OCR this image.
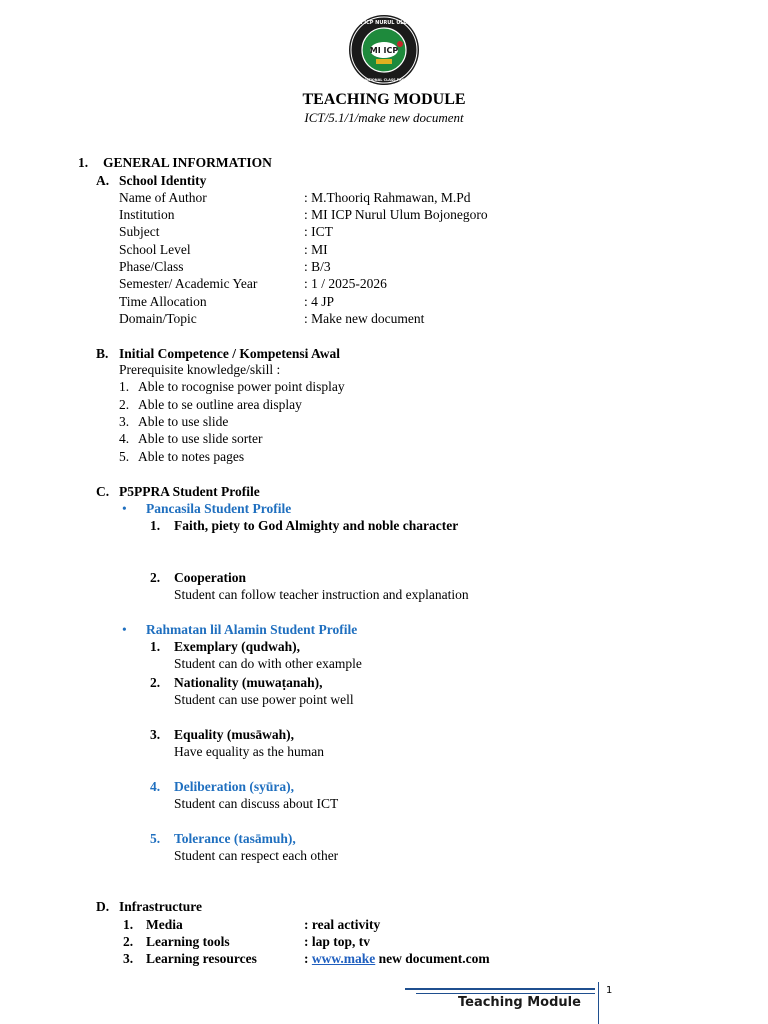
MI ICP
MI ICP NURUL ULUM
INTERNATIONAL CLASS PROGRAM
TEACHING MODULE
ICT/5.1/1/make new document
1. GENERAL INFORMATION
A. School Identity
Name of Author	: M.Thooriq Rahmawan, M.Pd
Institution	: MI ICP Nurul Ulum Bojonegoro
Subject	: ICT
School Level	: MI
Phase/Class	: B/3
Semester/ Academic Year	: 1 / 2025-2026
Time Allocation	: 4 JP
Domain/Topic	: Make new document
B. Initial Competence / Kompetensi Awal
Prerequisite knowledge/skill :
1. Able to rocognise power point display
2. Able to se outline area display
3. Able to use slide
4. Able to use slide sorter
5. Able to notes pages
C. P5PPRA Student Profile
• Pancasila Student Profile
1. Faith, piety to God Almighty and noble character
2. Cooperation
Student can follow teacher instruction and explanation
• Rahmatan lil Alamin Student Profile
1. Exemplary (qudwah),
Student can do with other example
2. Nationality (muwaṭanah),
Student can use power point well
3. Equality (musāwah),
Have equality as the human
4. Deliberation (syūra),
Student can discuss about ICT
5. Tolerance (tasāmuh),
Student can respect each other
D. Infrastructure
1. Media	: real activity
2. Learning tools	: lap top, tv
3. Learning resources	: www.make new document.com
Teaching Module
1
